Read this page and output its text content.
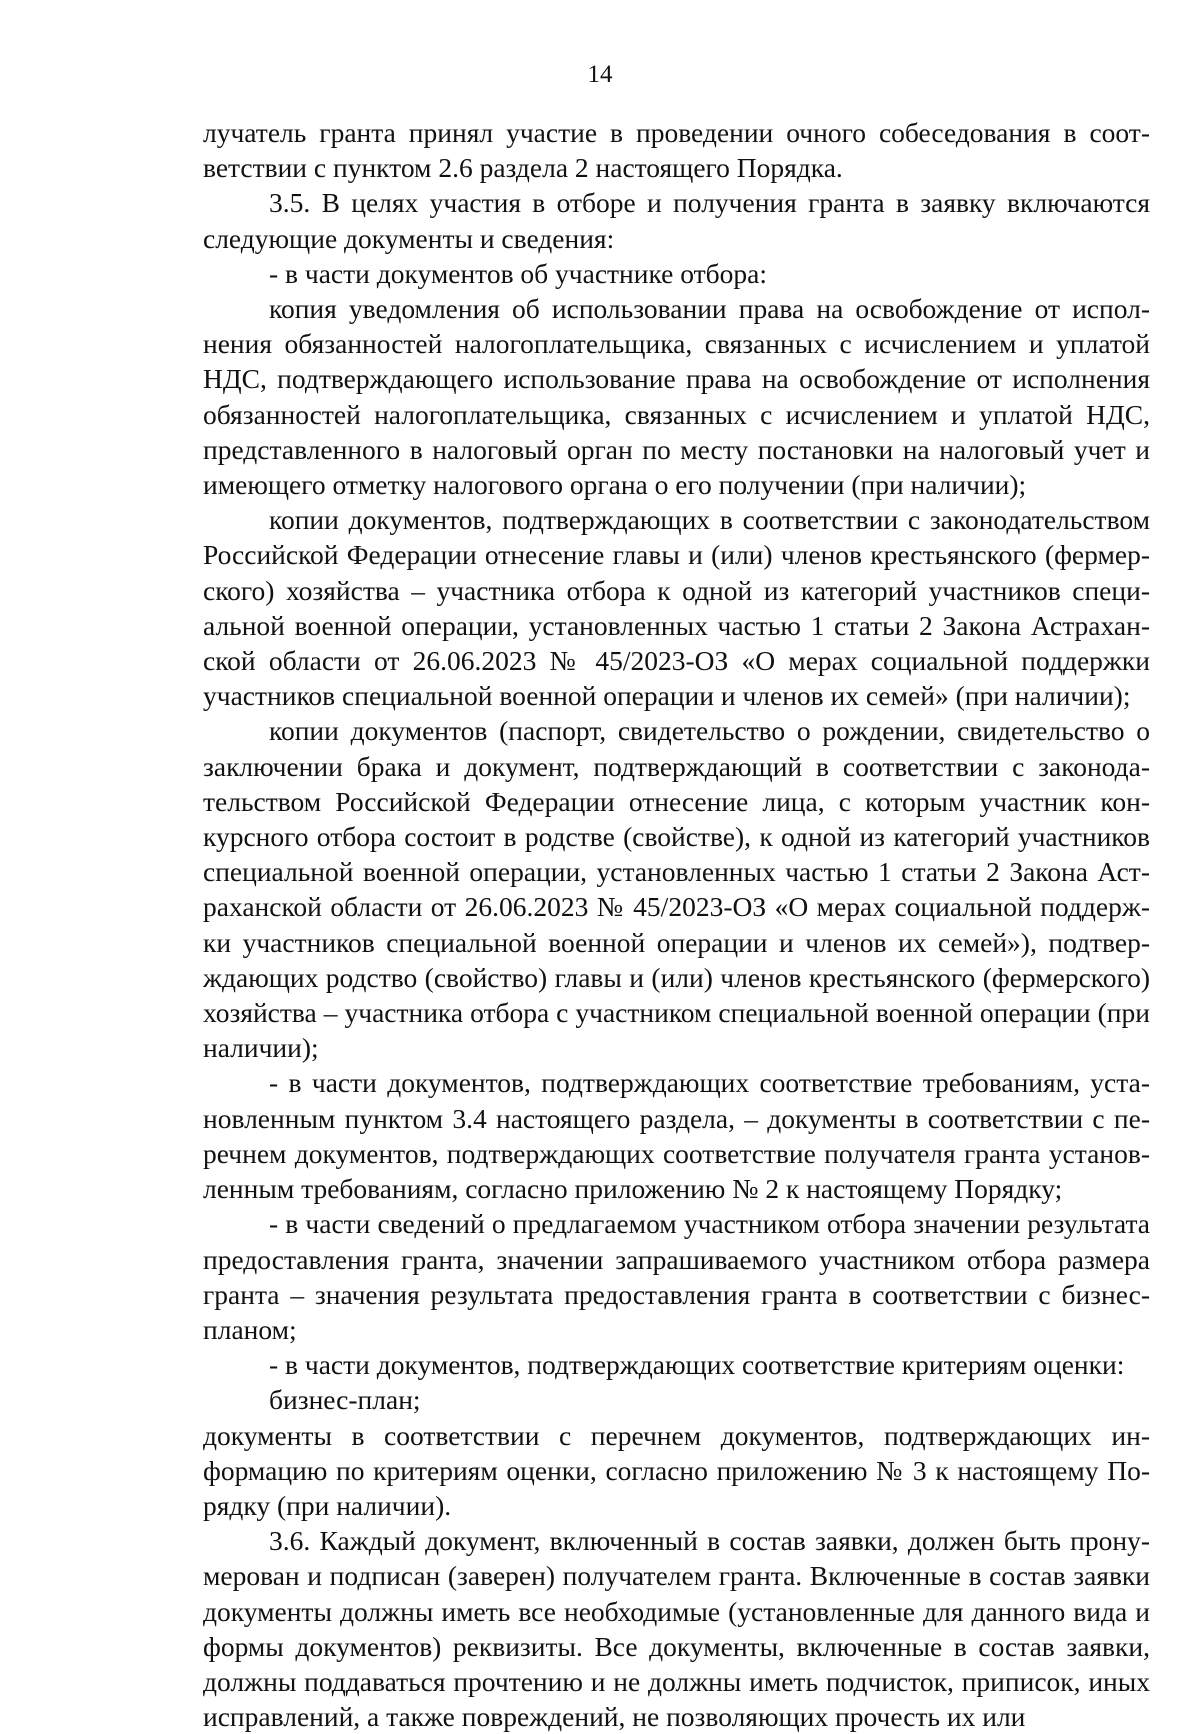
14

лучатель гранта принял участие в проведении очного собеседования в соответствии с пунктом 2.6 раздела 2 настоящего Порядка.

3.5. В целях участия в отборе и получения гранта в заявку включаются следующие документы и сведения:

- в части документов об участнике отбора:

копия уведомления об использовании права на освобождение от исполнения обязанностей налогоплательщика, связанных с исчислением и уплатой НДС, подтверждающего использование права на освобождение от исполнения обязанностей налогоплательщика, связанных с исчислением и уплатой НДС, представленного в налоговый орган по месту постановки на налоговый учет и имеющего отметку налогового органа о его получении (при наличии);

копии документов, подтверждающих в соответствии с законодательством Российской Федерации отнесение главы и (или) членов крестьянского (фермерского) хозяйства – участника отбора к одной из категорий участников специальной военной операции, установленных частью 1 статьи 2 Закона Астраханской области от 26.06.2023 № 45/2023-ОЗ «О мерах социальной поддержки участников специальной военной операции и членов их семей» (при наличии);

копии документов (паспорт, свидетельство о рождении, свидетельство о заключении брака и документ, подтверждающий в соответствии с законодательством Российской Федерации отнесение лица, с которым участник конкурсного отбора состоит в родстве (свойстве), к одной из категорий участников специальной военной операции, установленных частью 1 статьи 2 Закона Астраханской области от 26.06.2023 № 45/2023-ОЗ «О мерах социальной поддержки участников специальной военной операции и членов их семей»), подтверждающих родство (свойство) главы и (или) членов крестьянского (фермерского) хозяйства – участника отбора с участником специальной военной операции (при наличии);

- в части документов, подтверждающих соответствие требованиям, установленным пунктом 3.4 настоящего раздела, – документы в соответствии с перечнем документов, подтверждающих соответствие получателя гранта установленным требованиям, согласно приложению № 2 к настоящему Порядку;

- в части сведений о предлагаемом участником отбора значении результата предоставления гранта, значении запрашиваемого участником отбора размера гранта – значения результата предоставления гранта в соответствии с бизнес-планом;

- в части документов, подтверждающих соответствие критериям оценки:

бизнес-план;

документы в соответствии с перечнем документов, подтверждающих информацию по критериям оценки, согласно приложению № 3 к настоящему Порядку (при наличии).

3.6. Каждый документ, включенный в состав заявки, должен быть пронумерован и подписан (заверен) получателем гранта. Включенные в состав заявки документы должны иметь все необходимые (установленные для данного вида и формы документов) реквизиты. Все документы, включенные в состав заявки, должны поддаваться прочтению и не должны иметь подчисток, приписок, иных исправлений, а также повреждений, не позволяющих прочесть их или
